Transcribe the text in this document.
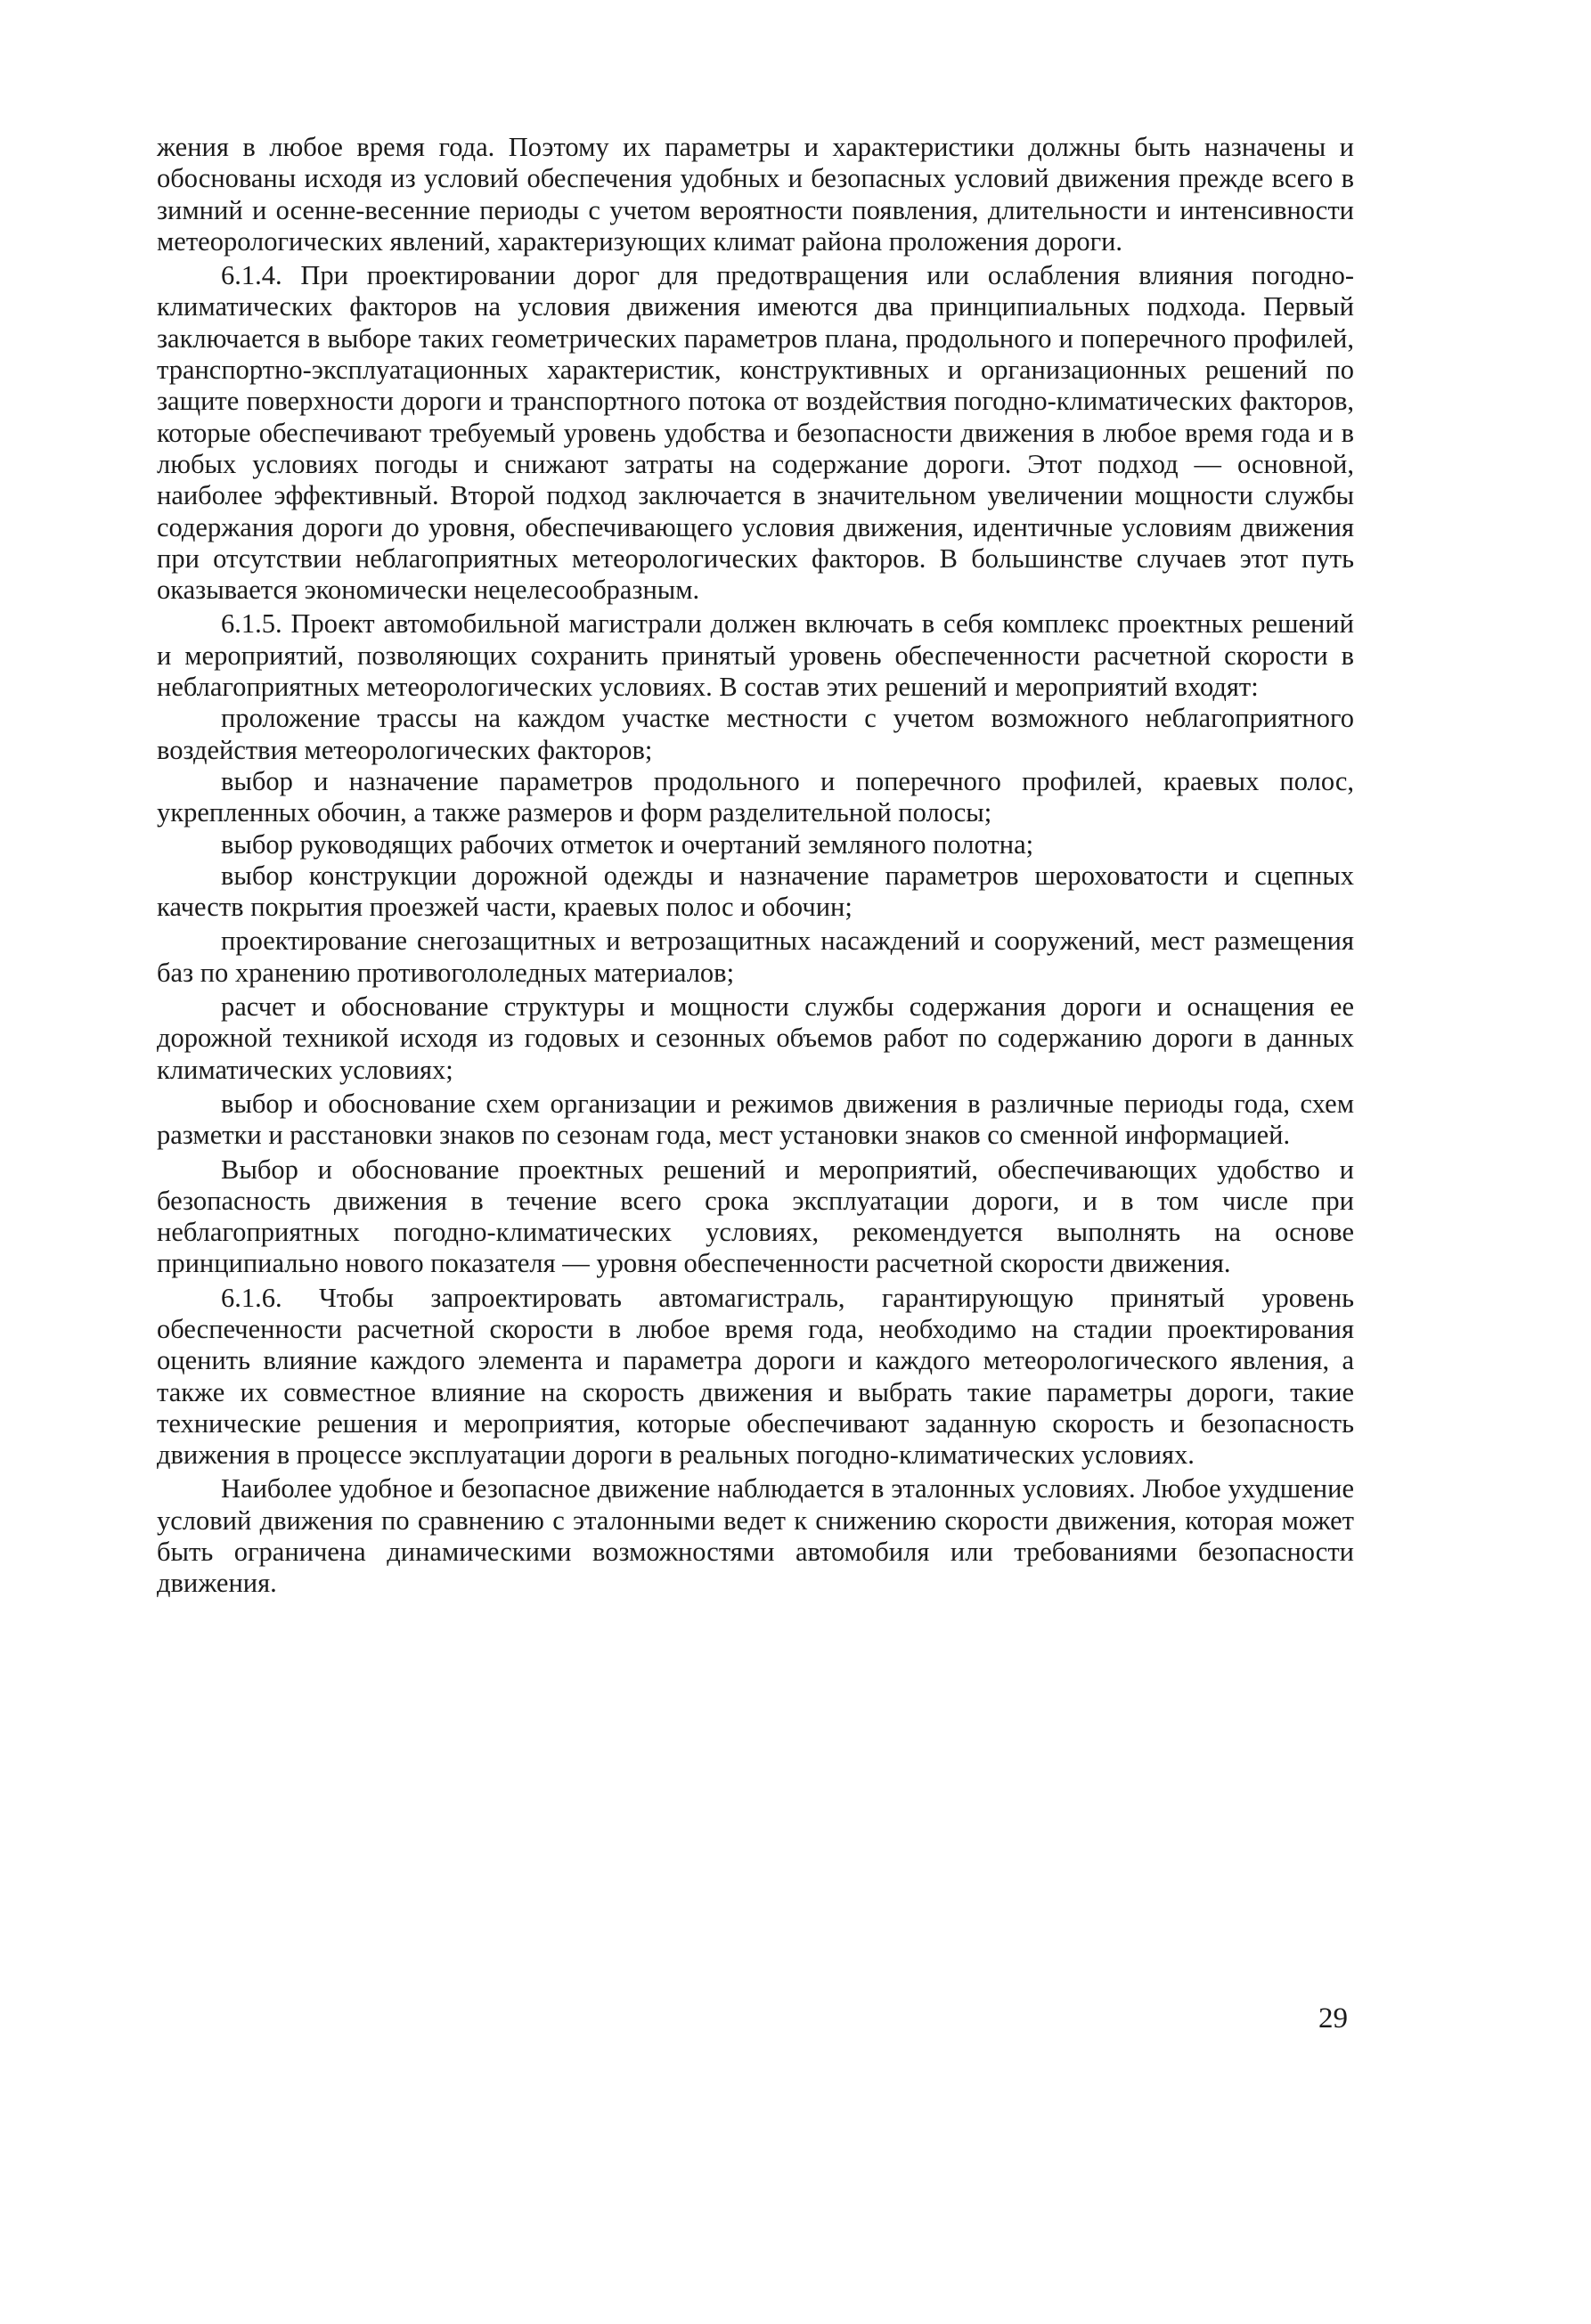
жения в любое время года. Поэтому их параметры и характеристики должны быть назначены и обоснованы исходя из условий обеспечения удобных и безопасных условий движения прежде всего в зимний и осенне-весенние периоды с учетом вероятности появления, длительности и интенсивности метеорологических явлений, характеризующих климат района проложения дороги.

6.1.4. При проектировании дорог для предотвращения или ослабления влияния погодно-климатических факторов на условия движения имеются два принципиальных подхода. Первый заключается в выборе таких геометрических параметров плана, продольного и поперечного профилей, транспортно-эксплуатационных характеристик, конструктивных и организационных решений по защите поверхности дороги и транспортного потока от воздействия погодно-климатических факторов, которые обеспечивают требуемый уровень удобства и безопасности движения в любое время года и в любых условиях погоды и снижают затраты на содержание дороги. Этот подход — основной, наиболее эффективный. Второй подход заключается в значительном увеличении мощности службы содержания дороги до уровня, обеспечивающего условия движения, идентичные условиям движения при отсутствии неблагоприятных метеорологических факторов. В большинстве случаев этот путь оказывается экономически нецелесообразным.

6.1.5. Проект автомобильной магистрали должен включать в себя комплекс проектных решений и мероприятий, позволяющих сохранить принятый уровень обеспеченности расчетной скорости в неблагоприятных метеорологических условиях. В состав этих решений и мероприятий входят:

проложение трассы на каждом участке местности с учетом возможного неблагоприятного воздействия метеорологических факторов;

выбор и назначение параметров продольного и поперечного профилей, краевых полос, укрепленных обочин, а также размеров и форм разделительной полосы;

выбор руководящих рабочих отметок и очертаний земляного полотна;

выбор конструкции дорожной одежды и назначение параметров шероховатости и сцепных качеств покрытия проезжей части, краевых полос и обочин;

проектирование снегозащитных и ветрозащитных насаждений и сооружений, мест размещения баз по хранению противогололедных материалов;

расчет и обоснование структуры и мощности службы содержания дороги и оснащения ее дорожной техникой исходя из годовых и сезонных объемов работ по содержанию дороги в данных климатических условиях;

выбор и обоснование схем организации и режимов движения в различные периоды года, схем разметки и расстановки знаков по сезонам года, мест установки знаков со сменной информацией.

Выбор и обоснование проектных решений и мероприятий, обеспечивающих удобство и безопасность движения в течение всего срока эксплуатации дороги, и в том числе при неблагоприятных погодно-климатических условиях, рекомендуется выполнять на основе принципиально нового показателя — уровня обеспеченности расчетной скорости движения.

6.1.6. Чтобы запроектировать автомагистраль, гарантирующую принятый уровень обеспеченности расчетной скорости в любое время года, необходимо на стадии проектирования оценить влияние каждого элемента и параметра дороги и каждого метеорологического явления, а также их совместное влияние на скорость движения и выбрать такие параметры дороги, такие технические решения и мероприятия, которые обеспечивают заданную скорость и безопасность движения в процессе эксплуатации дороги в реальных погодно-климатических условиях.

Наиболее удобное и безопасное движение наблюдается в эталонных условиях. Любое ухудшение условий движения по сравнению с эталонными ведет к снижению скорости движения, которая может быть ограничена динамическими возможностями автомобиля или требованиями безопасности движения.

29
